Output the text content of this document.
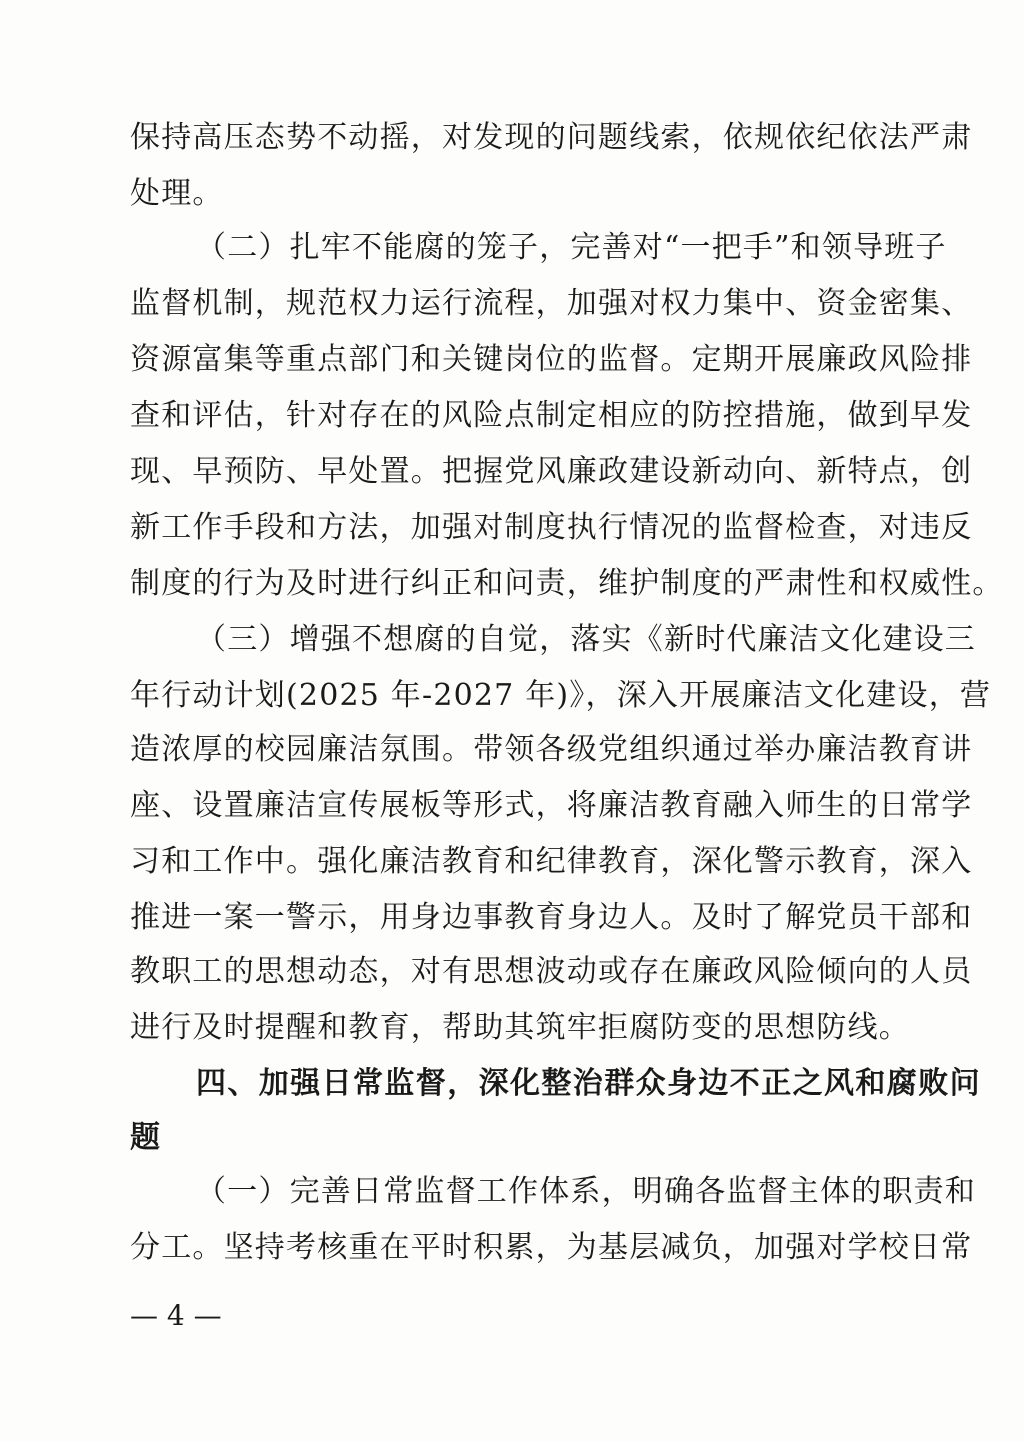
保持高压态势不动摇，对发现的问题线索，依规依纪依法严肃
处理。
（二）扎牢不能腐的笼子，完善对“一把手”和领导班子
监督机制，规范权力运行流程，加强对权力集中、资金密集、
资源富集等重点部门和关键岗位的监督。定期开展廉政风险排
查和评估，针对存在的风险点制定相应的防控措施，做到早发
现、早预防、早处置。把握党风廉政建设新动向、新特点，创
新工作手段和方法，加强对制度执行情况的监督检查，对违反
制度的行为及时进行纠正和问责，维护制度的严肃性和权威性。
（三）增强不想腐的自觉，落实《新时代廉洁文化建设三
年行动计划(2025 年-2027 年)》，深入开展廉洁文化建设，营
造浓厚的校园廉洁氛围。带领各级党组织通过举办廉洁教育讲
座、设置廉洁宣传展板等形式，将廉洁教育融入师生的日常学
习和工作中。强化廉洁教育和纪律教育，深化警示教育，深入
推进一案一警示，用身边事教育身边人。及时了解党员干部和
教职工的思想动态，对有思想波动或存在廉政风险倾向的人员
进行及时提醒和教育，帮助其筑牢拒腐防变的思想防线。
四、加强日常监督，深化整治群众身边不正之风和腐败问
题
（一）完善日常监督工作体系，明确各监督主体的职责和
分工。坚持考核重在平时积累，为基层减负，加强对学校日常
— 4 —
